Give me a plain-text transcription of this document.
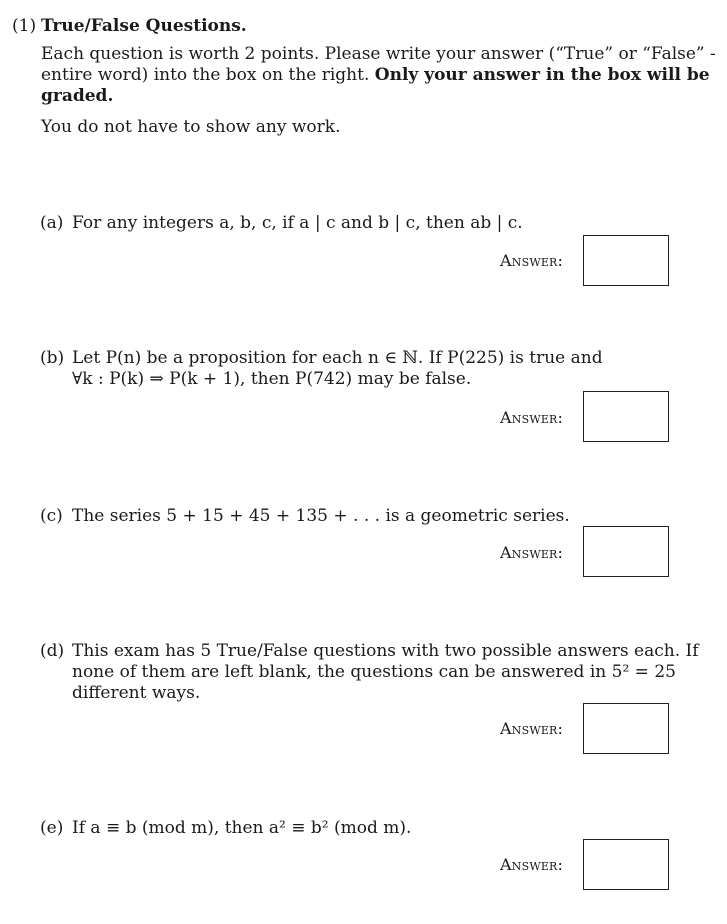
(1) True/False Questions.
Each question is worth 2 points. Please write your answer (“True” or “False” -
entire word) into the box on the right. Only your answer in the box will be
graded.
You do not have to show any work.
(a) For any integers a, b, c, if a | c and b | c, then ab | c.
Answer:
(b) Let P(n) be a proposition for each n ∈ ℕ. If P(225) is true and
∀k : P(k) ⇒ P(k + 1), then P(742) may be false.
Answer:
(c) The series 5 + 15 + 45 + 135 + . . . is a geometric series.
Answer:
(d) This exam has 5 True/False questions with two possible answers each. If
none of them are left blank, the questions can be answered in 5² = 25
different ways.
Answer:
(e) If a ≡ b (mod m), then a² ≡ b² (mod m).
Answer:
